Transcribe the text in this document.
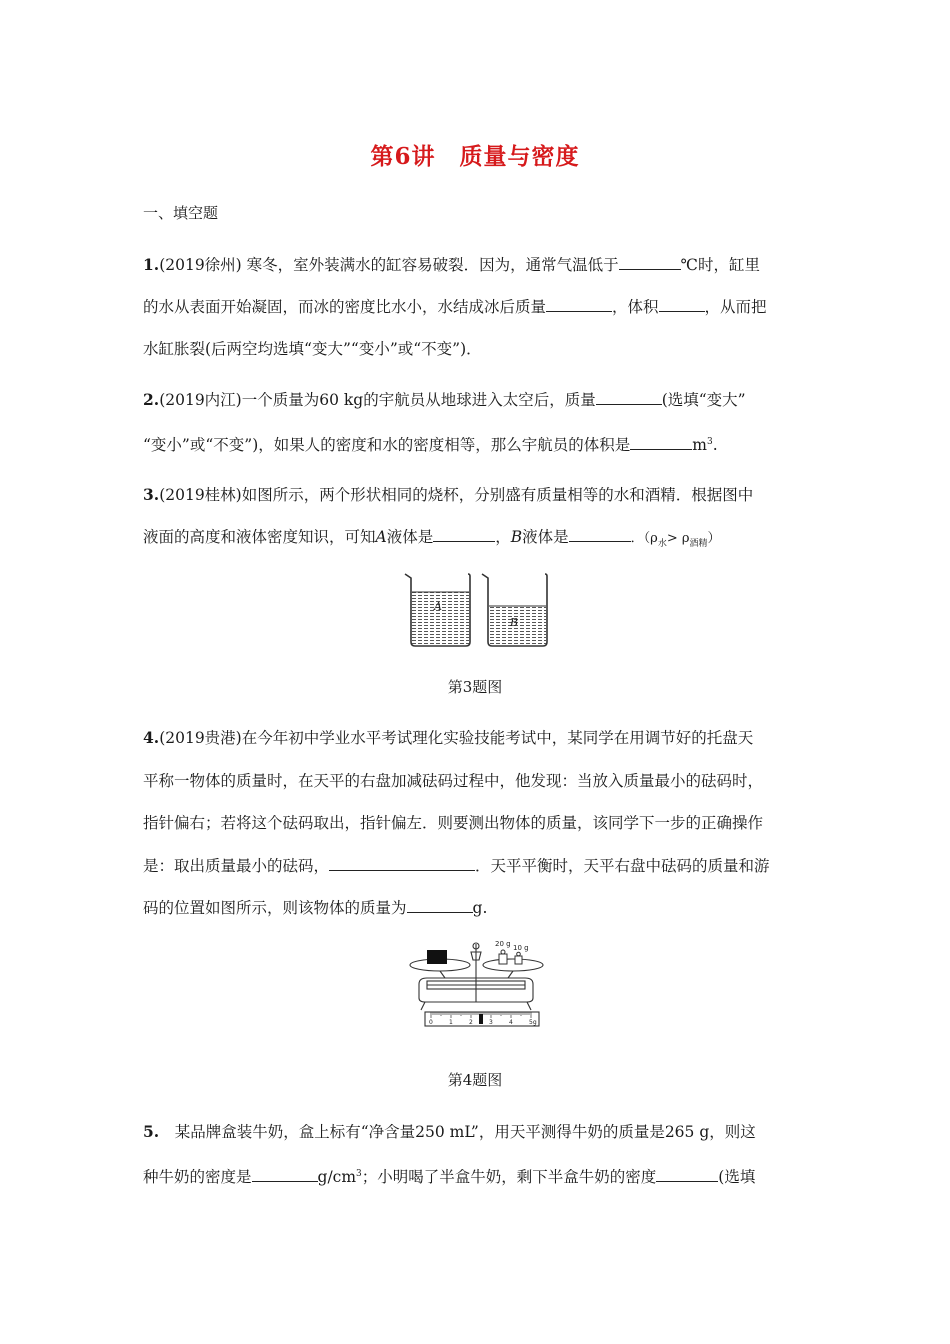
第6讲　质量与密度
一、填空题
1.(2019徐州) 寒冬，室外装满水的缸容易破裂．因为，通常气温低于	℃时，缸里
的水从表面开始凝固，而冰的密度比水小，水结成冰后质量	，体积	，从而把
水缸胀裂(后两空均选填“变大”“变小”或“不变”)．
2.(2019内江)一个质量为60 kg的宇航员从地球进入太空后，质量	(选填“变大”
“变小”或“不变”)，如果人的密度和水的密度相等，那么宇航员的体积是	$m^3$.
3.(2019桂林)如图所示，两个形状相同的烧杯，分别盛有质量相等的水和酒精．根据图中
液面的高度和液体密度知识，可知A液体是	，B液体是	．$(\rho_水> \rho_{酒精})$
A
B
第3题图
4.(2019贵港)在今年初中学业水平考试理化实验技能考试中，某同学在用调节好的托盘天
平称一物体的质量时，在天平的右盘加减砝码过程中，他发现：当放入质量最小的砝码时，
指针偏右；若将这个砝码取出，指针偏左．则要测出物体的质量，该同学下一步的正确操作
是：取出质量最小的砝码，	．天平平衡时，天平右盘中砝码的质量和游
码的位置如图所示，则该物体的质量为	g.
20 g 10 g
0	1	2	3	4	5g
第4题图
5.　某品牌盒装牛奶，盒上标有“净含量250 mL”，用天平测得牛奶的质量是265 g，则这
种牛奶的密度是	$g/cm^3$；小明喝了半盒牛奶，剩下半盒牛奶的密度	(选填
